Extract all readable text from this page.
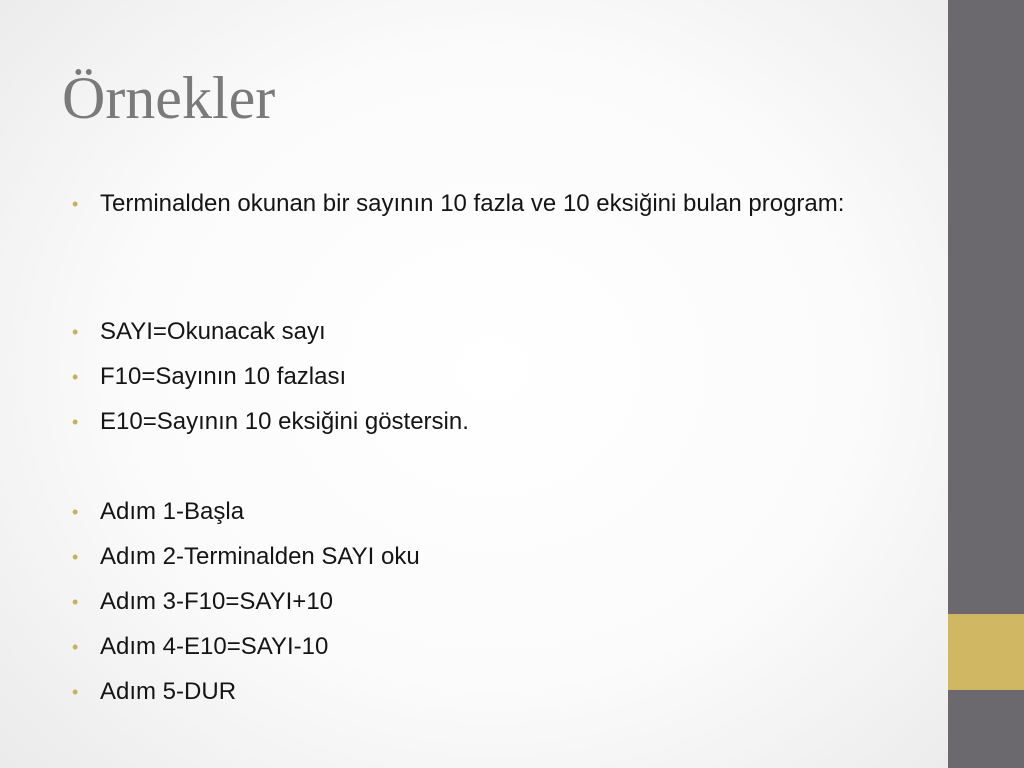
Örnekler
• Terminalden okunan bir sayının 10 fazla ve 10 eksiğini bulan program:
• SAYI=Okunacak sayı
• F10=Sayının 10 fazlası
• E10=Sayının 10 eksiğini göstersin.
• Adım 1-Başla
• Adım 2-Terminalden SAYI oku
• Adım 3-F10=SAYI+10
• Adım 4-E10=SAYI-10
• Adım 5-DUR
